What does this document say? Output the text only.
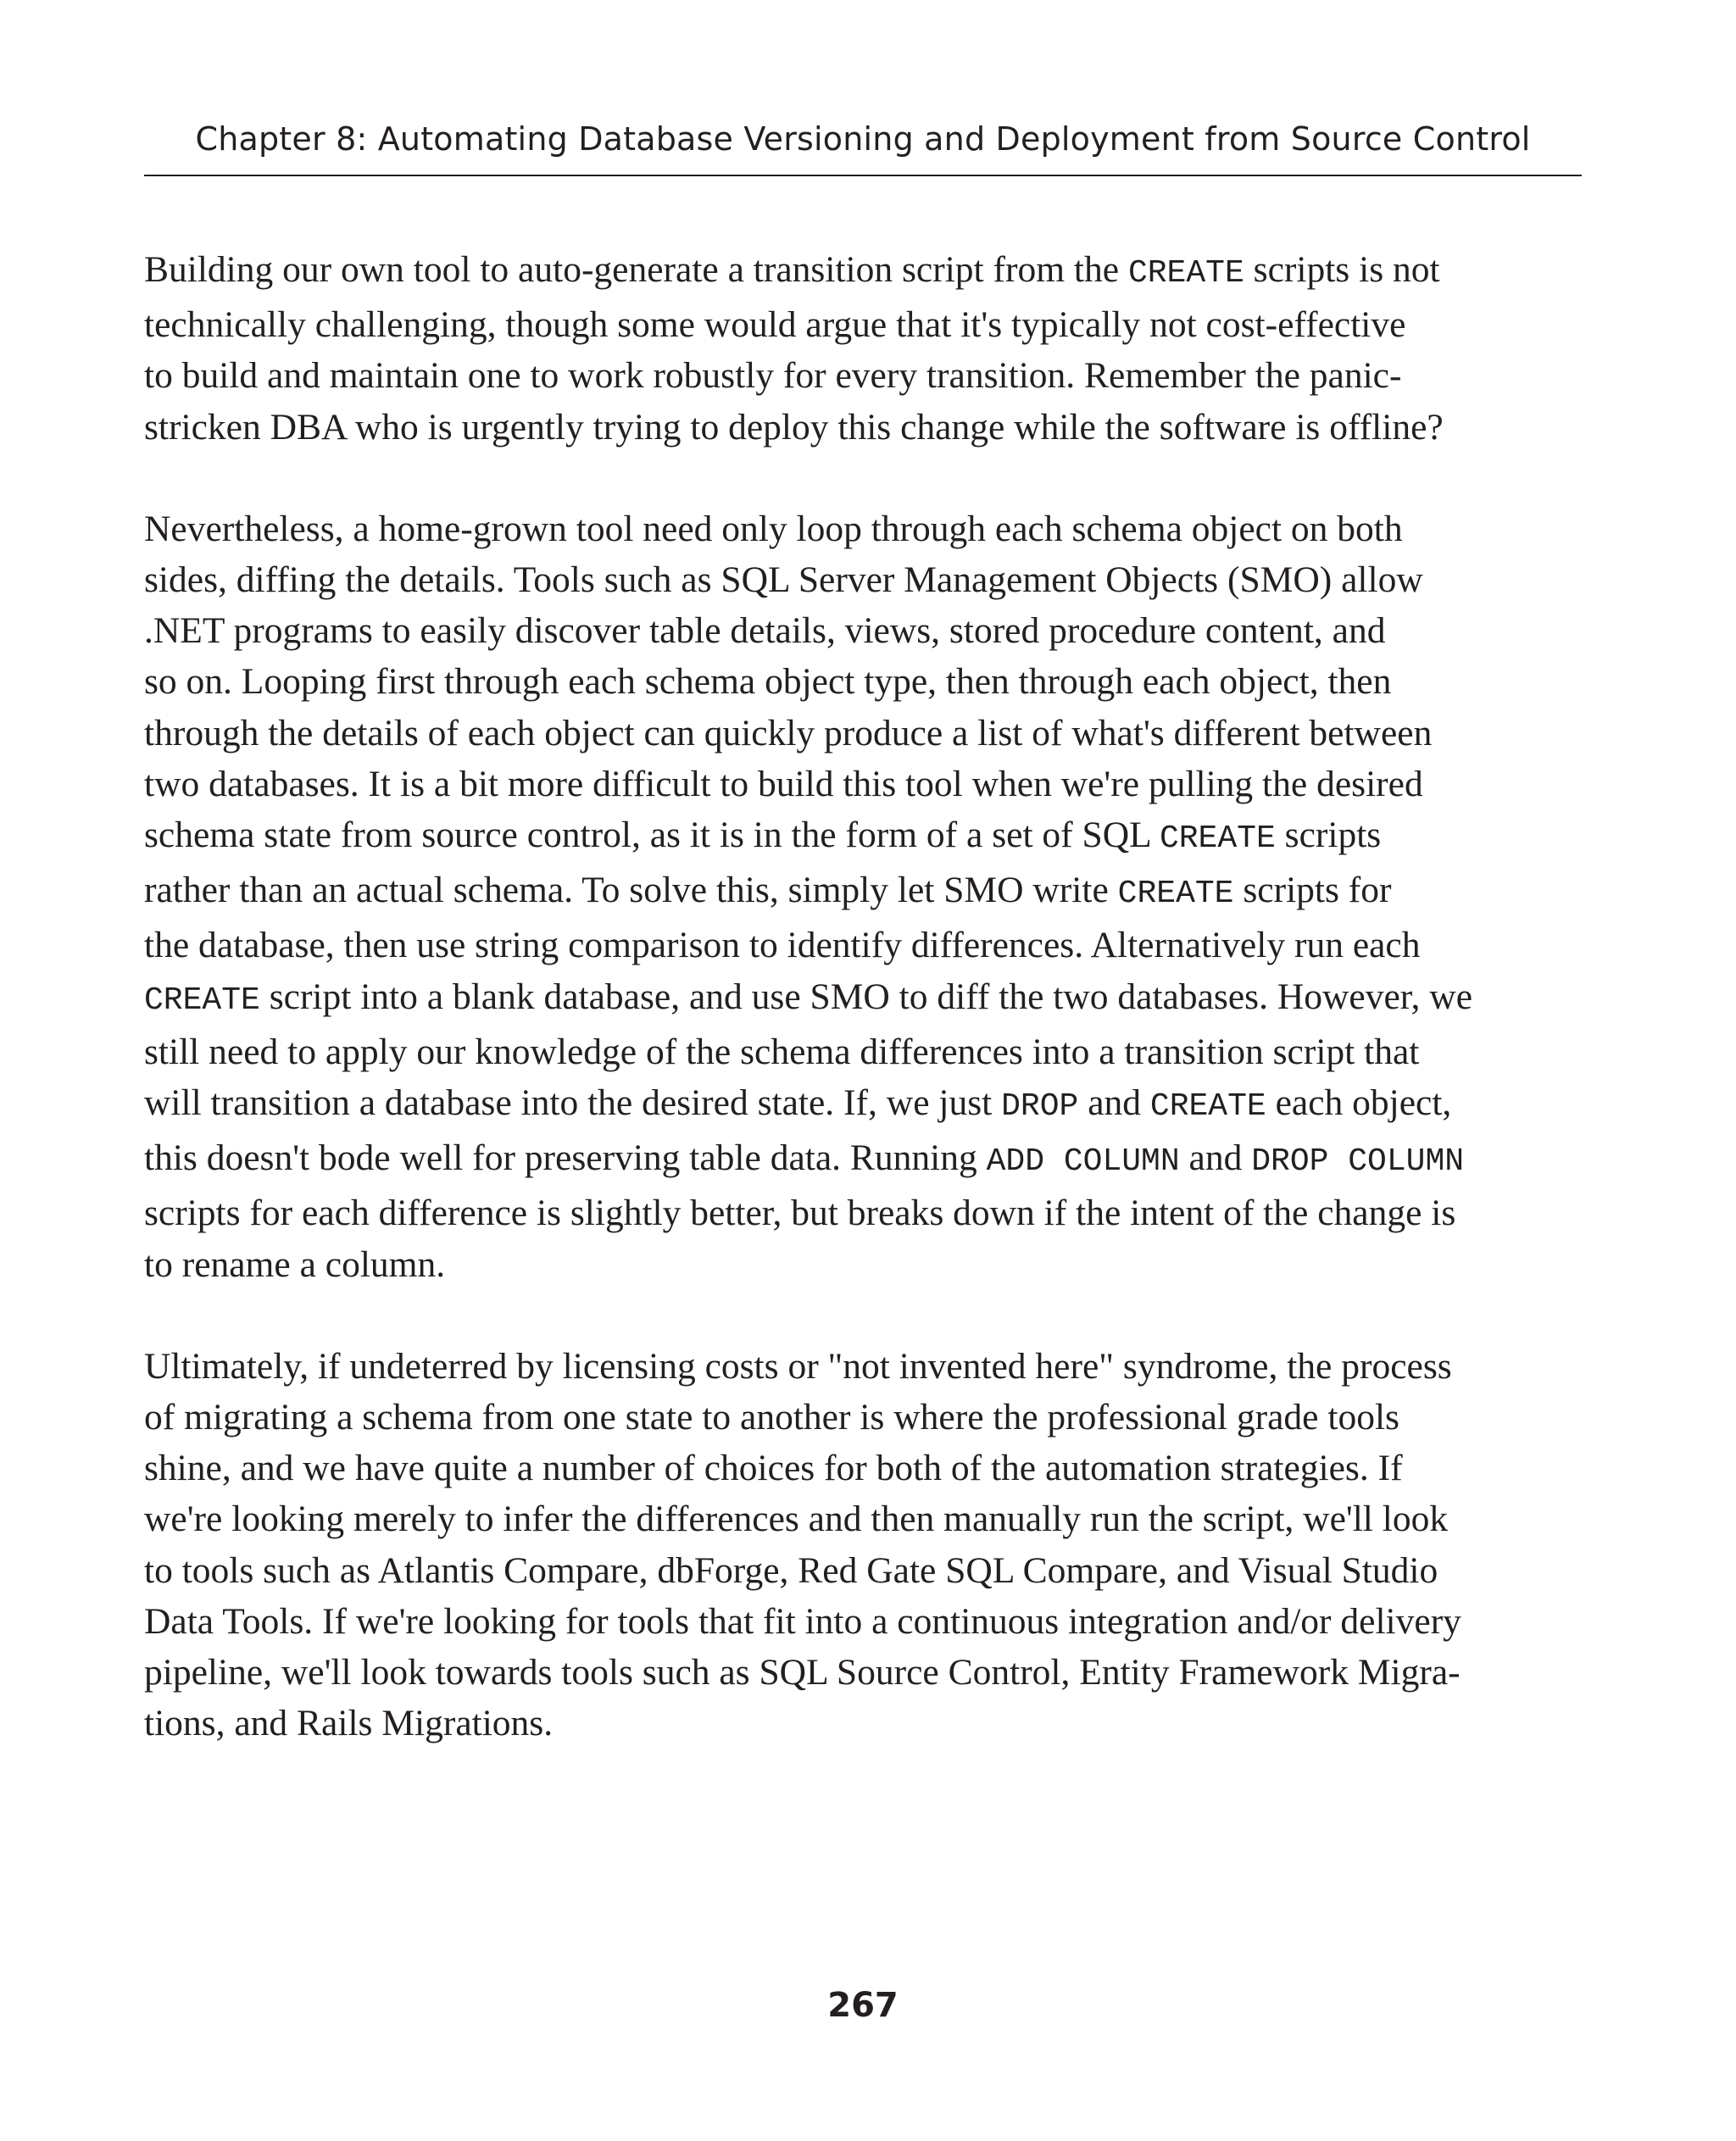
Chapter 8: Automating Database Versioning and Deployment from Source Control
Building our own tool to auto-generate a transition script from the CREATE scripts is not
technically challenging, though some would argue that it's typically not cost-effective
to build and maintain one to work robustly for every transition. Remember the panic-
stricken DBA who is urgently trying to deploy this change while the software is offline?
Nevertheless, a home-grown tool need only loop through each schema object on both
sides, diffing the details. Tools such as SQL Server Management Objects (SMO) allow
.NET programs to easily discover table details, views, stored procedure content, and
so on. Looping first through each schema object type, then through each object, then
through the details of each object can quickly produce a list of what's different between
two databases. It is a bit more difficult to build this tool when we're pulling the desired
schema state from source control, as it is in the form of a set of SQL CREATE scripts
rather than an actual schema. To solve this, simply let SMO write CREATE scripts for
the database, then use string comparison to identify differences. Alternatively run each
CREATE script into a blank database, and use SMO to diff the two databases. However, we
still need to apply our knowledge of the schema differences into a transition script that
will transition a database into the desired state. If, we just DROP and CREATE each object,
this doesn't bode well for preserving table data. Running ADD COLUMN and DROP COLUMN
scripts for each difference is slightly better, but breaks down if the intent of the change is
to rename a column.
Ultimately, if undeterred by licensing costs or "not invented here" syndrome, the process
of migrating a schema from one state to another is where the professional grade tools
shine, and we have quite a number of choices for both of the automation strategies. If
we're looking merely to infer the differences and then manually run the script, we'll look
to tools such as Atlantis Compare, dbForge, Red Gate SQL Compare, and Visual Studio
Data Tools. If we're looking for tools that fit into a continuous integration and/or delivery
pipeline, we'll look towards tools such as SQL Source Control, Entity Framework Migra-
tions, and Rails Migrations.
267
